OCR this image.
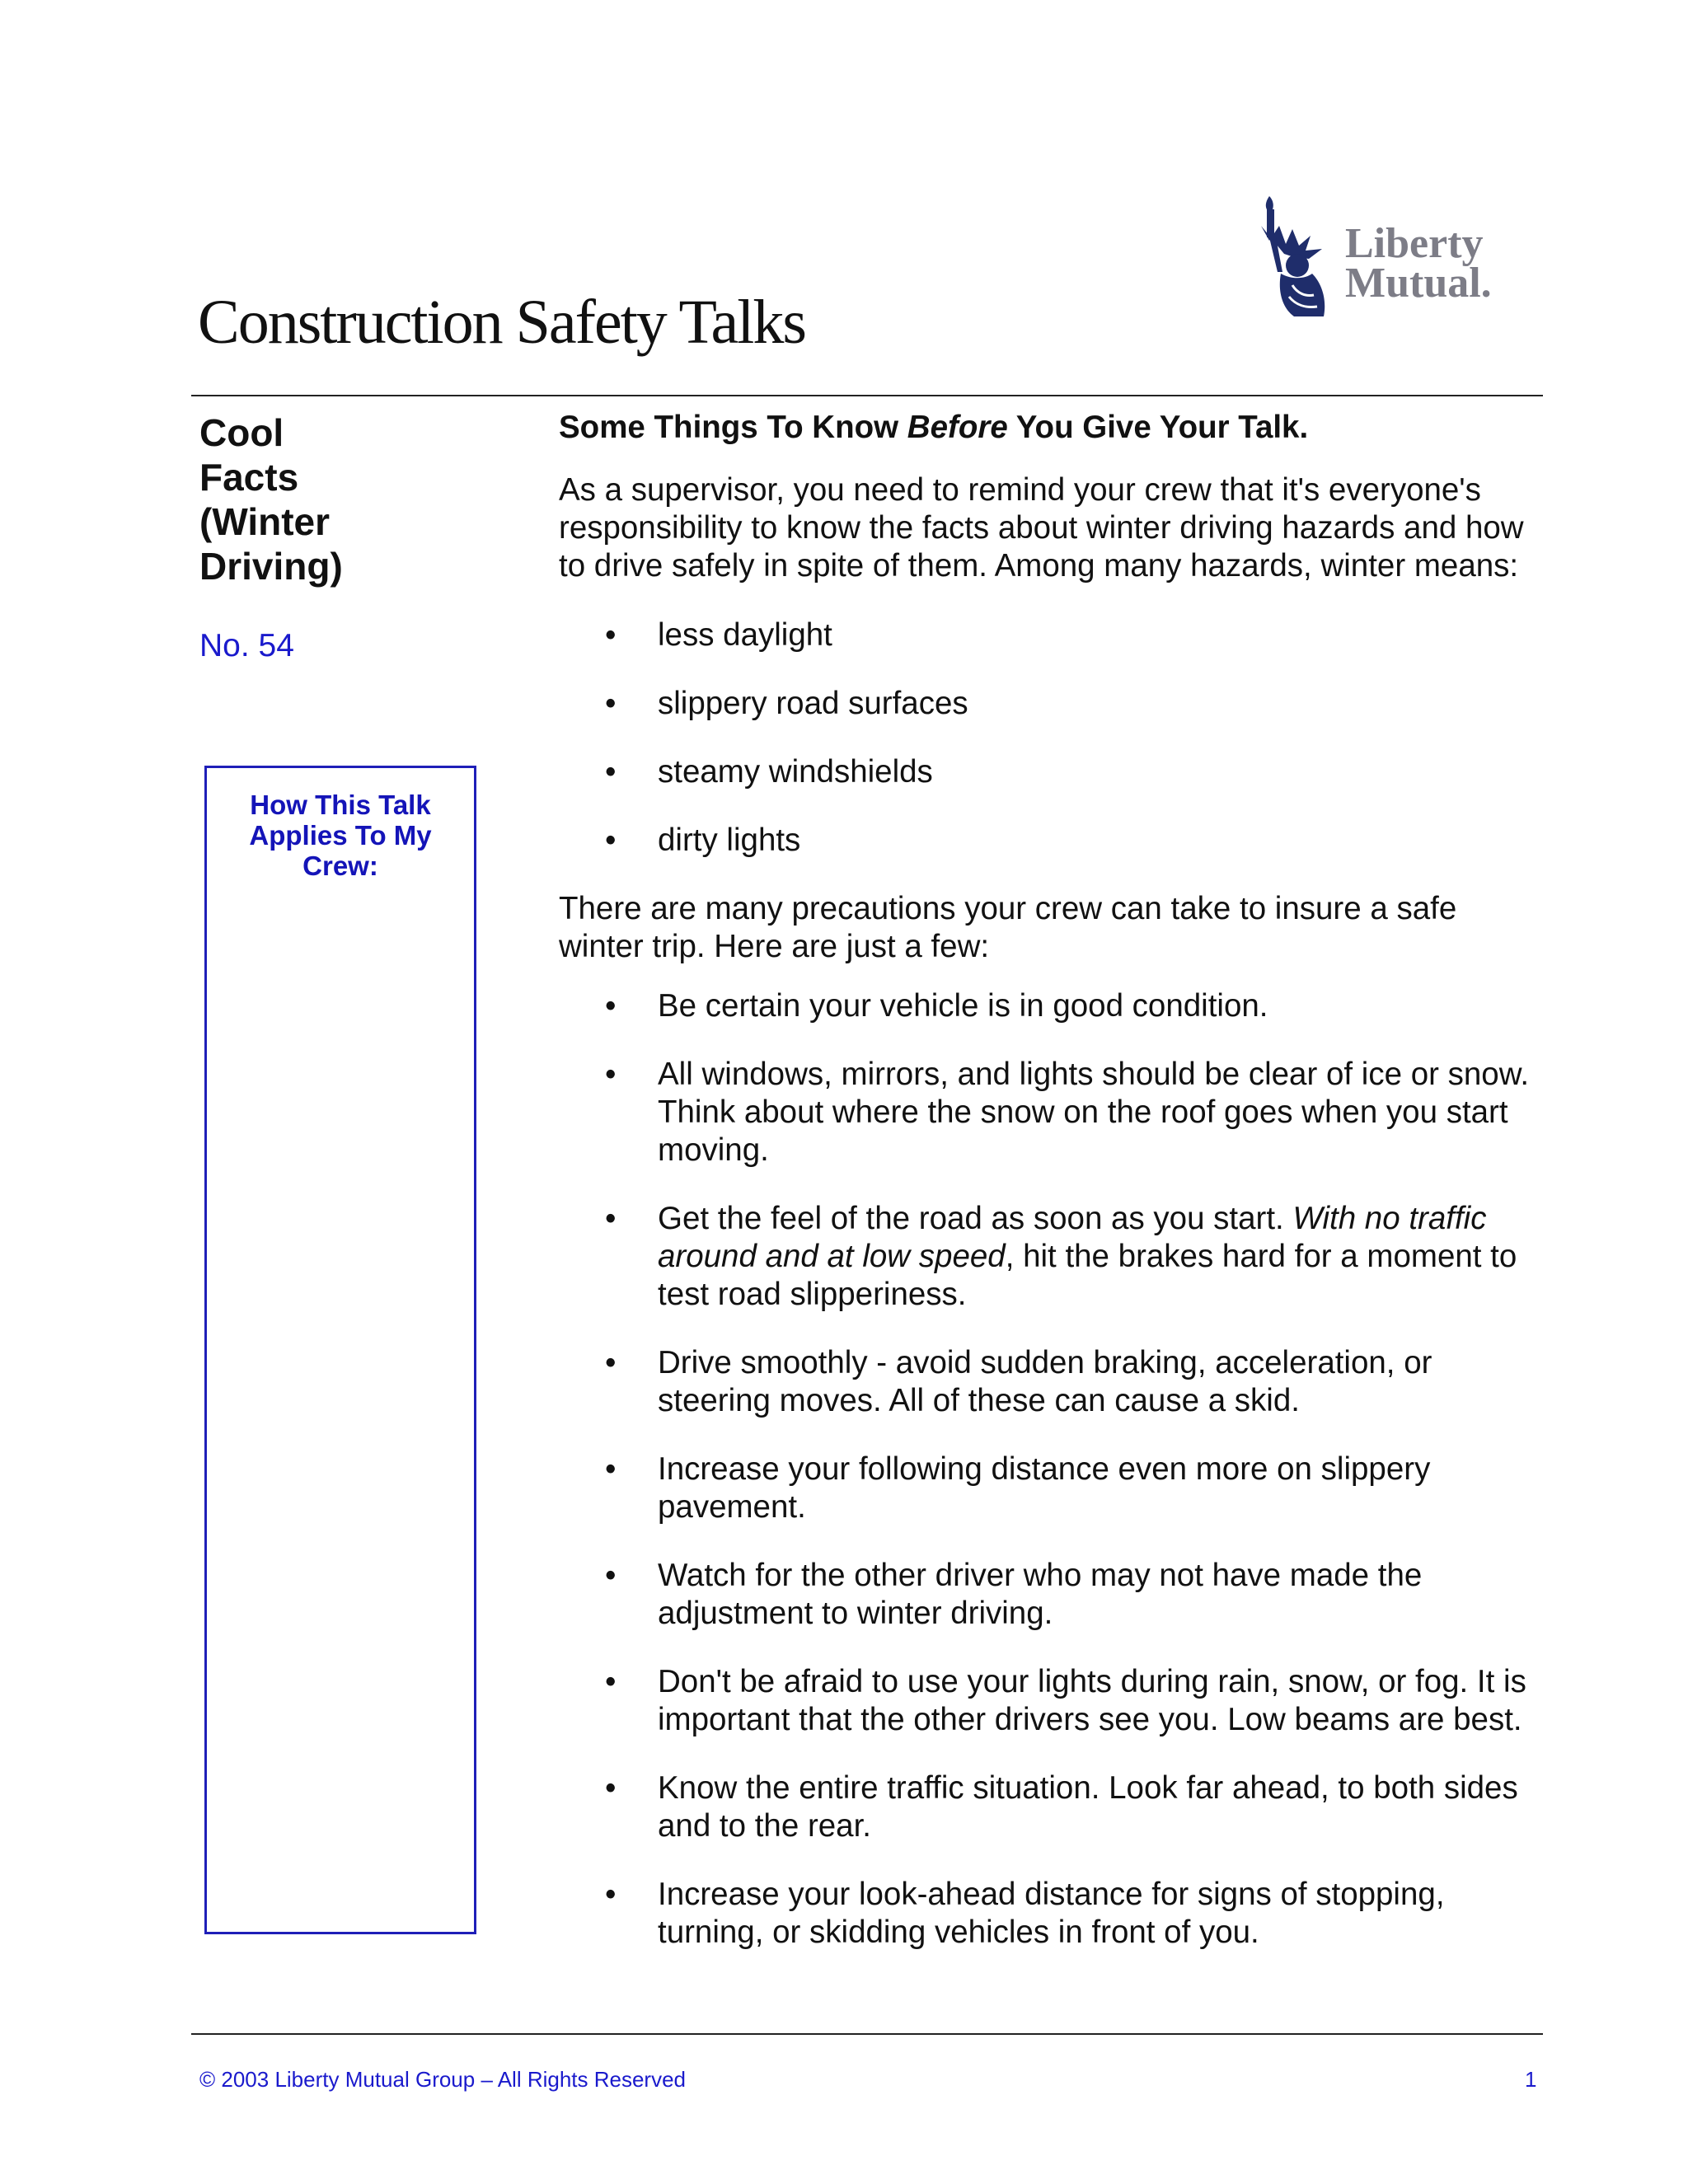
Construction Safety Talks
Liberty
Mutual.
Cool
Facts
(Winter
Driving)
No. 54
How This Talk Applies To My Crew:
Some Things To Know Before You Give Your Talk.

As a supervisor, you need to remind your crew that it's everyone's responsibility to know the facts about winter driving hazards and how to drive safely in spite of them. Among many hazards, winter means:

• less daylight
• slippery road surfaces
• steamy windshields
• dirty lights

There are many precautions your crew can take to insure a safe winter trip. Here are just a few:

• Be certain your vehicle is in good condition.
• All windows, mirrors, and lights should be clear of ice or snow. Think about where the snow on the roof goes when you start moving.
• Get the feel of the road as soon as you start. With no traffic around and at low speed, hit the brakes hard for a moment to test road slipperiness.
• Drive smoothly - avoid sudden braking, acceleration, or steering moves. All of these can cause a skid.
• Increase your following distance even more on slippery pavement.
• Watch for the other driver who may not have made the adjustment to winter driving.
• Don't be afraid to use your lights during rain, snow, or fog. It is important that the other drivers see you. Low beams are best.
• Know the entire traffic situation. Look far ahead, to both sides and to the rear.
• Increase your look-ahead distance for signs of stopping, turning, or skidding vehicles in front of you.
© 2003 Liberty Mutual Group – All Rights Reserved	1
